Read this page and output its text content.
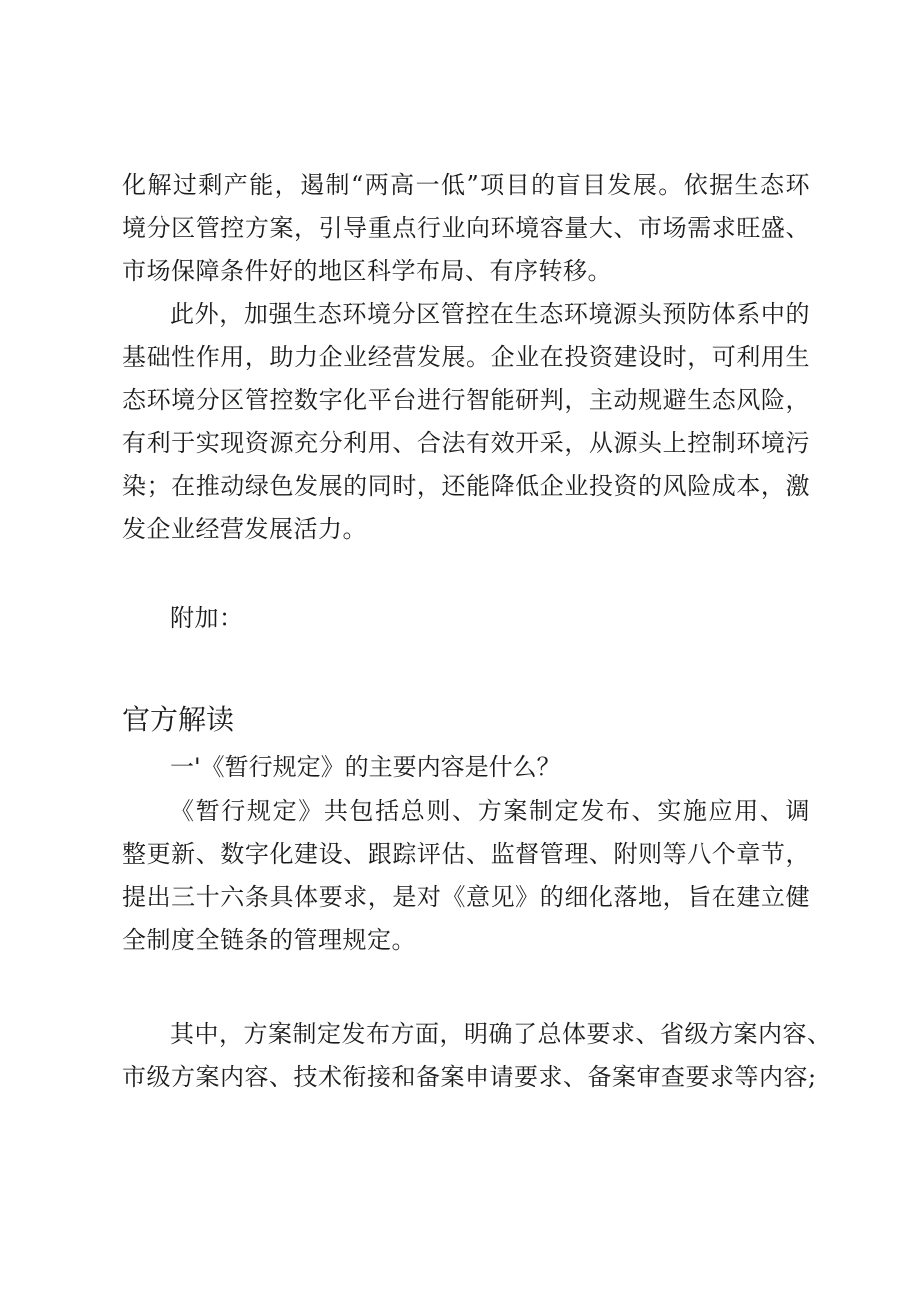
化解过剩产能，遏制“两高一低”项目的盲目发展。依据生态环
境分区管控方案，引导重点行业向环境容量大、市场需求旺盛、
市场保障条件好的地区科学布局、有序转移。
此外，加强生态环境分区管控在生态环境源头预防体系中的
基础性作用，助力企业经营发展。企业在投资建设时，可利用生
态环境分区管控数字化平台进行智能研判，主动规避生态风险，
有利于实现资源充分利用、合法有效开采，从源头上控制环境污
染；在推动绿色发展的同时，还能降低企业投资的风险成本，激
发企业经营发展活力。
附加：
官方解读
一'《暂行规定》的主要内容是什么？
《暂行规定》共包括总则、方案制定发布、实施应用、调
整更新、数字化建设、跟踪评估、监督管理、附则等八个章节，
提出三十六条具体要求，是对《意见》的细化落地，旨在建立健
全制度全链条的管理规定。
其中，方案制定发布方面，明确了总体要求、省级方案内容、
市级方案内容、技术衔接和备案申请要求、备案审查要求等内容;
